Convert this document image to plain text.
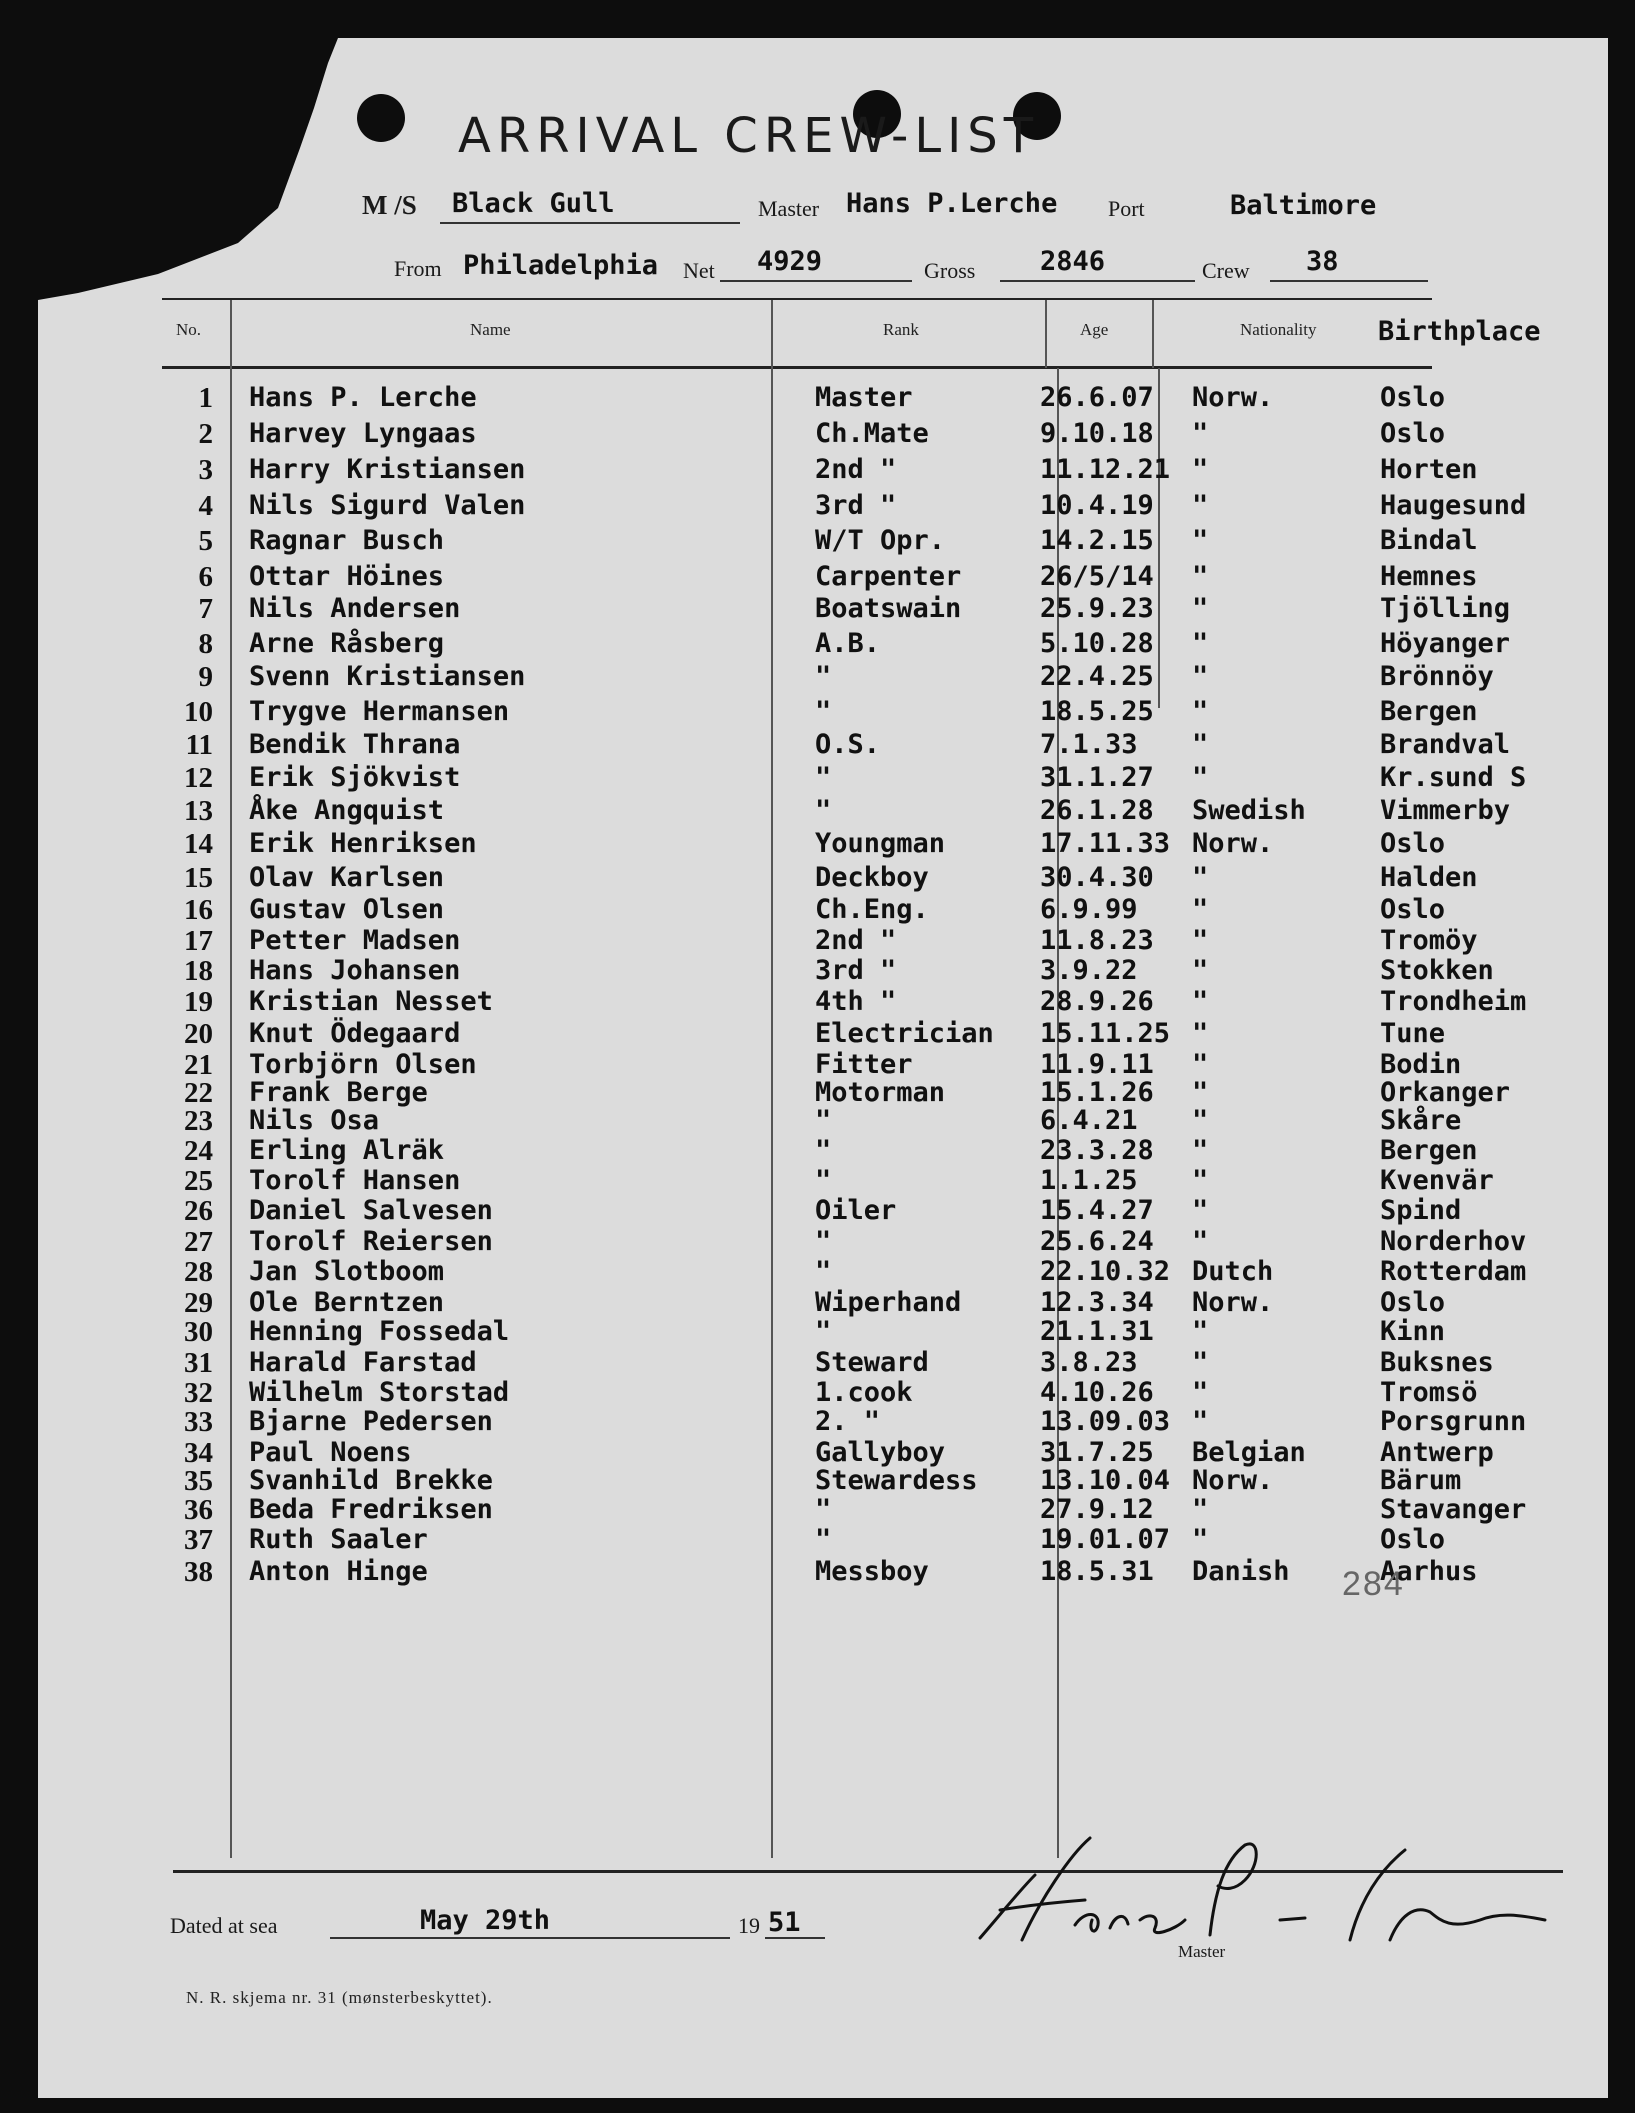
ARRIVAL CREW-LIST
M /S Black Gull	Master Hans P.Lerche Port	Baltimore
From Philadelphia Net 4929	Gross 2846	Crew 38
No.	Name	Rank	Age	Nationality Birthplace
1 Hans P. Lerche	Master	26.6.07 Norw.	Oslo
2 Harvey Lyngaas	Ch.Mate	9.10.18 "	Oslo
3 Harry Kristiansen	2nd "	11.12.21 "	Horten
4 Nils Sigurd Valen	3rd "	10.4.19 "	Haugesund
5 Ragnar Busch	W/T Opr.	14.2.15 "	Bindal
6 Ottar Höines	Carpenter	26/5/14 "	Hemnes
7 Nils Andersen	Boatswain	25.9.23 "	Tjölling
8 Arne Råsberg	A.B.	5.10.28 "	Höyanger
9 Svenn Kristiansen	"	22.4.25 "	Brönnöy
10 Trygve Hermansen	"	18.5.25 "	Bergen
11 Bendik Thrana	O.S.	7.1.33 "	Brandval
12 Erik Sjökvist	"	31.1.27 "	Kr.sund S
13 Åke Angquist	"	26.1.28 Swedish	Vimmerby
14 Erik Henriksen	Youngman	17.11.33 Norw.	Oslo
15 Olav Karlsen	Deckboy	30.4.30 "	Halden
16 Gustav Olsen	Ch.Eng.	6.9.99 "	Oslo
17 Petter Madsen	2nd "	11.8.23 "	Tromöy
18 Hans Johansen	3rd "	3.9.22 "	Stokken
19 Kristian Nesset	4th "	28.9.26 "	Trondheim
20 Knut Ödegaard	Electrician 15.11.25 "	Tune
21 Torbjörn Olsen	Fitter	11.9.11 "	Bodin
22 Frank Berge	Motorman	15.1.26 "	Orkanger
23 Nils Osa	"	6.4.21 "	Skåre
24 Erling Alräk	"	23.3.28 "	Bergen
25 Torolf Hansen	"	1.1.25 "	Kvenvär
26 Daniel Salvesen	Oiler	15.4.27 "	Spind
27 Torolf Reiersen	"	25.6.24 "	Norderhov
28 Jan Slotboom	"	22.10.32 Dutch	Rotterdam
29 Ole Berntzen	Wiperhand	12.3.34 Norw.	Oslo
30 Henning Fossedal	"	21.1.31 "	Kinn
31 Harald Farstad	Steward	3.8.23 "	Buksnes
32 Wilhelm Storstad	1.cook	4.10.26 "	Tromsö
33 Bjarne Pedersen	2. "	13.09.03 "	Porsgrunn
34 Paul Noens	Gallyboy	31.7.25 Belgian	Antwerp
35 Svanhild Brekke	Stewardess 13.10.04 Norw.	Bärum
36 Beda Fredriksen	"	27.9.12 "	Stavanger
37 Ruth Saaler	"	19.01.07 "	Oslo
38 Anton Hinge	Messboy	18.5.31 Danish	Aarhus
284
Dated at sea	May 29th	19 51
Master
N. R. skjema nr. 31 (mønsterbeskyttet).
